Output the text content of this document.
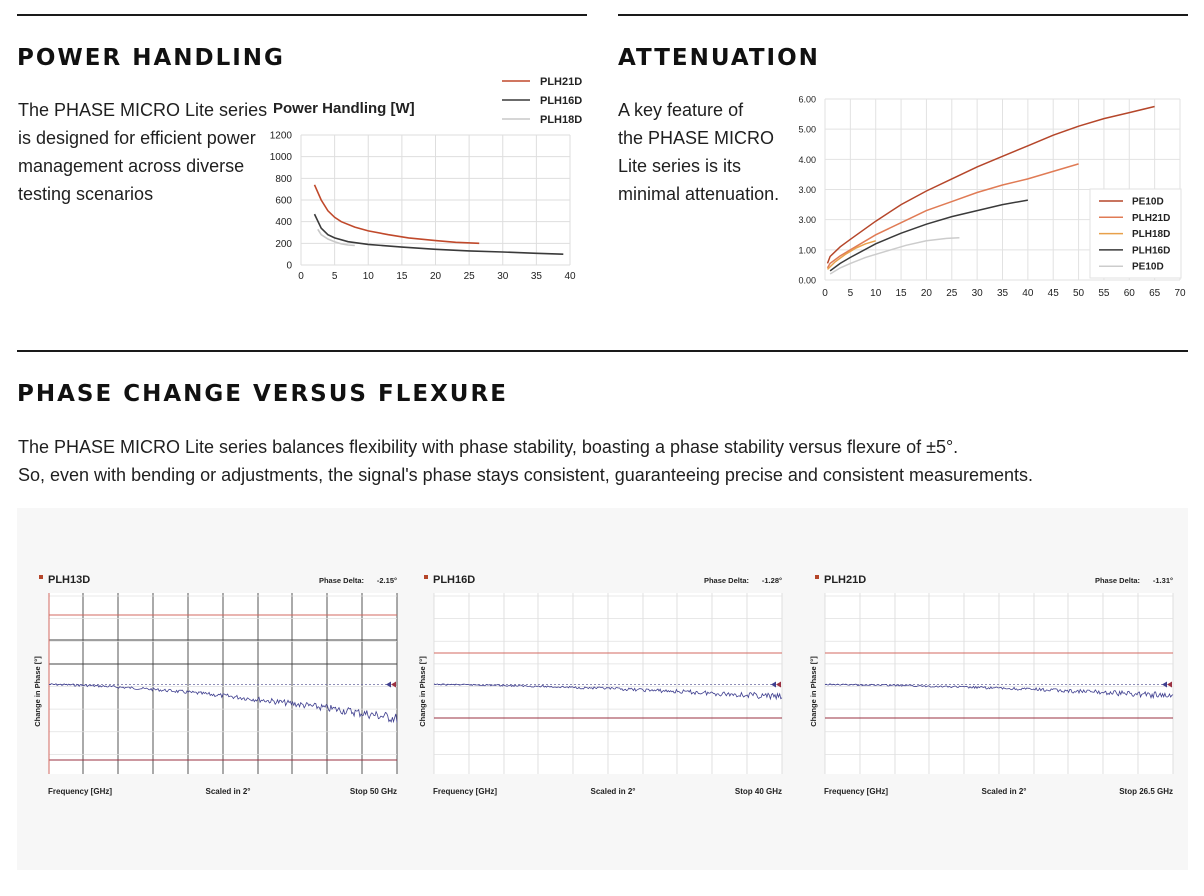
POWER HANDLING
The PHASE MICRO Lite series
is designed for efficient power
management across diverse
testing scenarios
Power Handling [W]
0	5	10 15 20 25 30 35 40
0
200
400
600
800
1000
1200
PLH21D
PLH16D
PLH18D
ATTENUATION
A key feature of
the PHASE MICRO
Lite series is its
minimal attenuation.
0 5 10 15 20 25 30 35 40 45 50 55 60 65 70
0.00
1.00
3.00
3.00
4.00
5.00
6.00
PE10D
PLH21D
PLH18D
PLH16D
PE10D
PHASE CHANGE VERSUS FLEXURE
The PHASE MICRO Lite series balances flexibility with phase stability, boasting a phase stability versus flexure of ±5°.
So, even with bending or adjustments, the signal's phase stays consistent, guaranteeing precise and consistent measurements.
PLH13D	Phase Delta: -2.15°
Change in Phase [°]
Frequency [GHz]	Scaled in 2°	Stop 50 GHz
PLH16D	Phase Delta: -1.28°
Change in Phase [°]
Frequency [GHz]	Scaled in 2°	Stop 40 GHz
PLH21D	Phase Delta: -1.31°
Change in Phase [°]
Frequency [GHz]	Scaled in 2°	Stop 26.5 GHz
